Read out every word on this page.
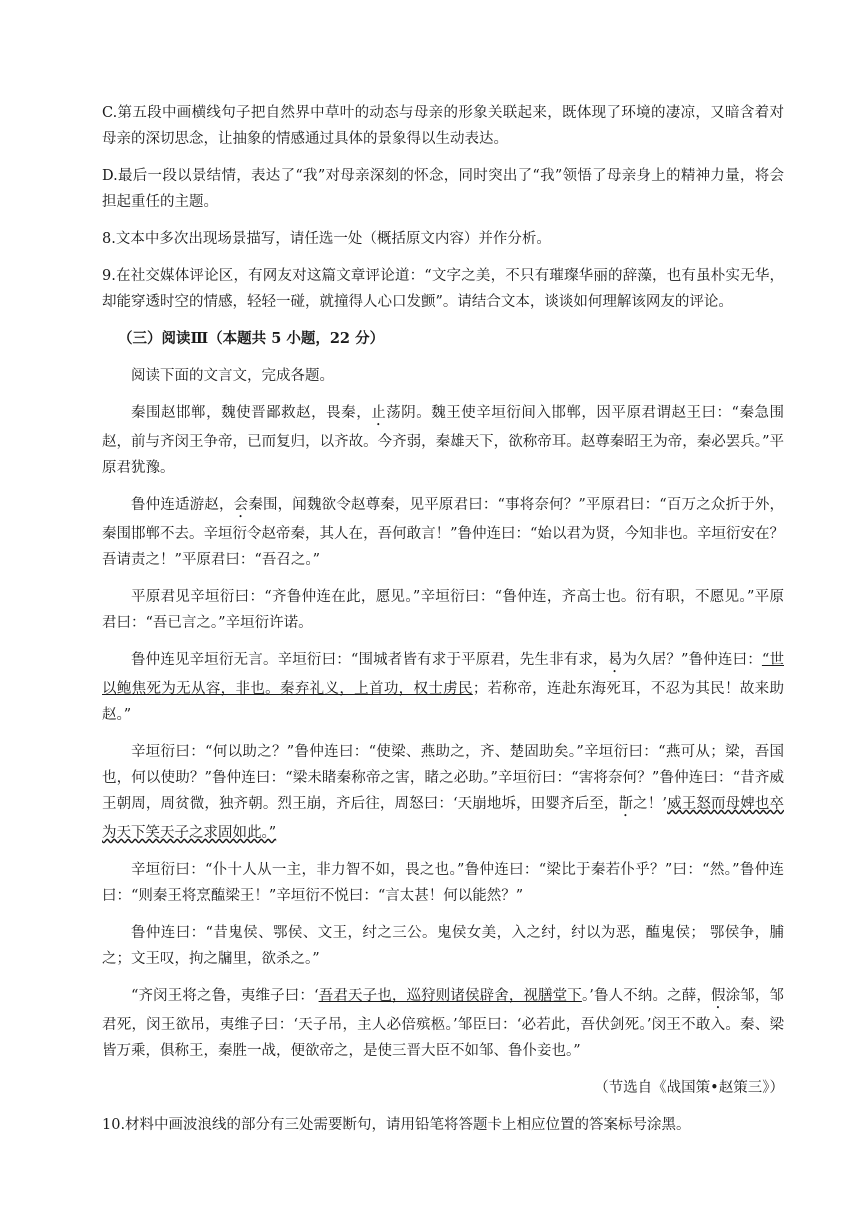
C.第五段中画横线句子把自然界中草叶的动态与母亲的形象关联起来，既体现了环境的凄凉，又暗含着对母亲的深切思念，让抽象的情感通过具体的景象得以生动表达。

D.最后一段以景结情，表达了“我”对母亲深刻的怀念，同时突出了“我”领悟了母亲身上的精神力量，将会担起重任的主题。

8.文本中多次出现场景描写，请任选一处（概括原文内容）并作分析。

9.在社交媒体评论区，有网友对这篇文章评论道：“文字之美，不只有璀璨华丽的辞藻，也有虽朴实无华，却能穿透时空的情感，轻轻一碰，就撞得人心口发颤”。请结合文本，谈谈如何理解该网友的评论。

（三）阅读Ⅲ（本题共 5 小题，22 分）

阅读下面的文言文，完成各题。

秦围赵邯郸，魏使晋鄙救赵，畏秦，止荡阴。魏王使辛垣衍间入邯郸，因平原君谓赵王曰：“秦急围赵，前与齐闵王争帝，已而复归，以齐故。今齐弱，秦雄天下，欲称帝耳。赵尊秦昭王为帝，秦必罢兵。”平原君犹豫。

鲁仲连适游赵，会秦围，闻魏欲令赵尊秦，见平原君曰：“事将奈何？”平原君曰：“百万之众折于外，秦围邯郸不去。辛垣衍令赵帝秦，其人在，吾何敢言！”鲁仲连曰：“始以君为贤，今知非也。辛垣衍安在？吾请责之！”平原君曰：“吾召之。”

平原君见辛垣衍曰：“齐鲁仲连在此，愿见。”辛垣衍曰：“鲁仲连，齐高士也。衍有职，不愿见。”平原君曰：“吾已言之。”辛垣衍许诺。

鲁仲连见辛垣衍无言。辛垣衍曰：“围城者皆有求于平原君，先生非有求，曷为久居？”鲁仲连曰：“世以鲍焦死为无从容，非也。秦弃礼义，上首功，权士虏民；若称帝，连赴东海死耳，不忍为其民！故来助赵。”

辛垣衍曰：“何以助之？”鲁仲连曰：“使梁、燕助之，齐、楚固助矣。”辛垣衍曰：“燕可从；梁，吾国也，何以使助？”鲁仲连曰：“梁未睹秦称帝之害，睹之必助。”辛垣衍曰：“害将奈何？”鲁仲连曰：“昔齐威王朝周，周贫微，独齐朝。烈王崩，齐后往，周怒曰：‘天崩地坼，田婴齐后至，斮之！’威王怒而母婢也卒为天下笑天子之求固如此。”

辛垣衍曰：“仆十人从一主，非力智不如，畏之也。”鲁仲连曰：“梁比于秦若仆乎？”曰：“然。”鲁仲连曰：“则秦王将烹醢梁王！”辛垣衍不悦曰：“言太甚！何以能然？”

鲁仲连曰：“昔鬼侯、鄂侯、文王，纣之三公。鬼侯女美，入之纣，纣以为恶，醢鬼侯； 鄂侯争，脯之；文王叹，拘之牖里，欲杀之。”

“齐闵王将之鲁，夷维子曰：‘吾君天子也，巡狩则诸侯辟舍，视膳堂下。’鲁人不纳。之薛，假涂邹，邹君死，闵王欲吊，夷维子曰：‘天子吊，主人必倍殡柩。’邹臣曰：‘必若此，吾伏剑死。’闵王不敢入。秦、梁皆万乘，俱称王，秦胜一战，便欲帝之，是使三晋大臣不如邹、鲁仆妾也。”

（节选自《战国策•赵策三》）

10.材料中画波浪线的部分有三处需要断句，请用铅笔将答题卡上相应位置的答案标号涂黑。
